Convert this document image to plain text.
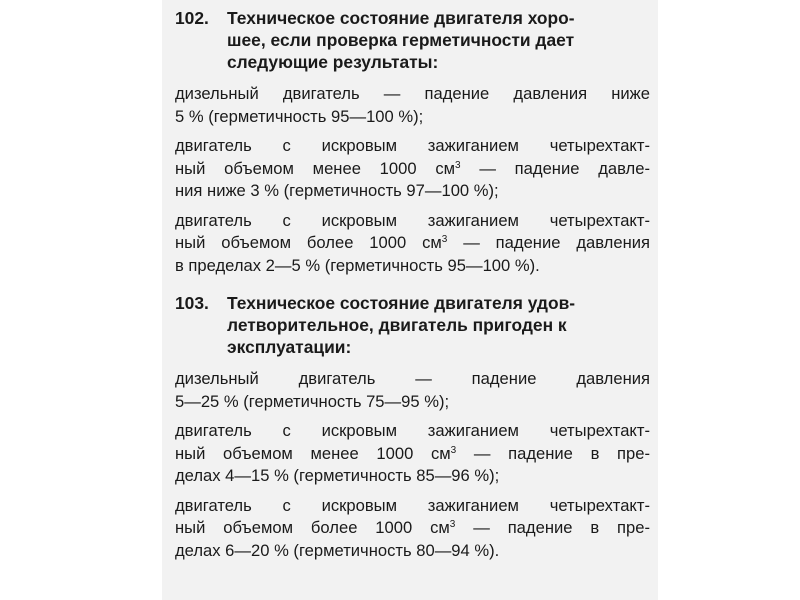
102.	Техническое состояние двигателя хоро-
шее, если проверка герметичности дает
следующие результаты:
дизельный двигатель — падение давления ниже
5 % (герметичность 95—100 %);
двигатель с искровым зажиганием четырехтакт-
ный объемом менее 1000 $см^3$ — падение давле-
ния ниже 3 % (герметичность 97—100 %);
двигатель с искровым зажиганием четырехтакт-
ный объемом более 1000 $см^3$ — падение давления
в пределах 2—5 % (герметичность 95—100 %).
103.	Техническое состояние двигателя удов-
летворительное, двигатель пригоден к
эксплуатации:
дизельный двигатель — падение давления
5—25 % (герметичность 75—95 %);
двигатель с искровым зажиганием четырехтакт-
ный объемом менее 1000 $см^3$ — падение в пре-
делах 4—15 % (герметичность 85—96 %);
двигатель с искровым зажиганием четырехтакт-
ный объемом более 1000 $см^3$ — падение в пре-
делах 6—20 % (герметичность 80—94 %).
